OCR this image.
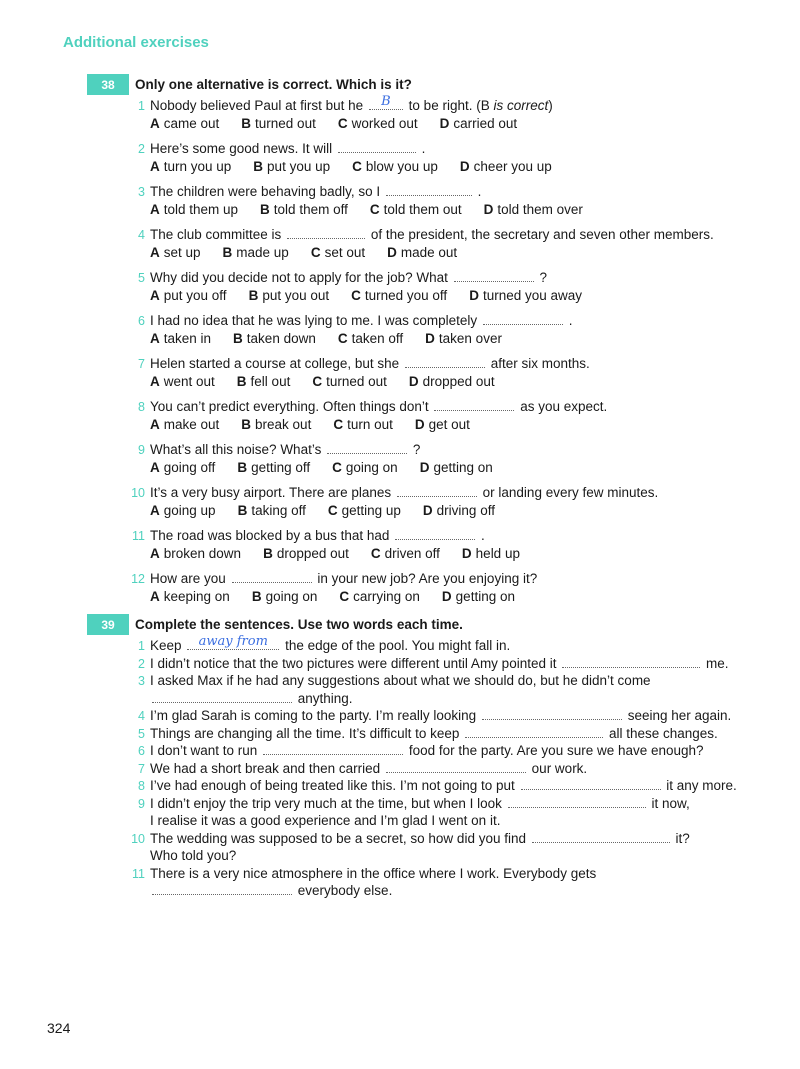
Additional exercises
38	Only one alternative is correct. Which is it?
1 Nobody believed Paul at first but he	B	to be right. (B is correct)
A came out B turned out C worked out D carried out
2 Here’s some good news. It will	.
A turn you up B put you up C blow you up D cheer you up
3 The children were behaving badly, so I	.
A told them up B told them off C told them out D told them over
4 The club committee is	of the president, the secretary and seven other members.
A set up B made up C set out D made out
5 Why did you decide not to apply for the job? What	?
A put you off B put you out C turned you off D turned you away
6 I had no idea that he was lying to me. I was completely	.
A taken in B taken down C taken off D taken over
7 Helen started a course at college, but she	after six months.
A went out B fell out C turned out D dropped out
8 You can’t predict everything. Often things don’t	as you expect.
A make out B break out C turn out D get out
9 What’s all this noise? What’s	?
A going off B getting off C going on D getting on
10 It’s a very busy airport. There are planes	or landing every few minutes.
A going up B taking off C getting up D driving off
11 The road was blocked by a bus that had	.
A broken down B dropped out C driven off D held up
12 How are you	in your new job? Are you enjoying it?
A keeping on B going on C carrying on D getting on
39	Complete the sentences. Use two words each time.
1 Keep	away from	the edge of the pool. You might fall in.
2 I didn’t notice that the two pictures were different until Amy pointed it	me.
3 I asked Max if he had any suggestions about what we should do, but he didn’t come
anything.
4 I’m glad Sarah is coming to the party. I’m really looking	seeing her again.
5 Things are changing all the time. It’s difficult to keep	all these changes.
6 I don’t want to run	food for the party. Are you sure we have enough?
7 We had a short break and then carried	our work.
8 I’ve had enough of being treated like this. I’m not going to put	it any more.
9 I didn’t enjoy the trip very much at the time, but when I look	it now,
I realise it was a good experience and I’m glad I went on it.
10 The wedding was supposed to be a secret, so how did you find	it?
Who told you?
11 There is a very nice atmosphere in the office where I work. Everybody gets
everybody else.
324
